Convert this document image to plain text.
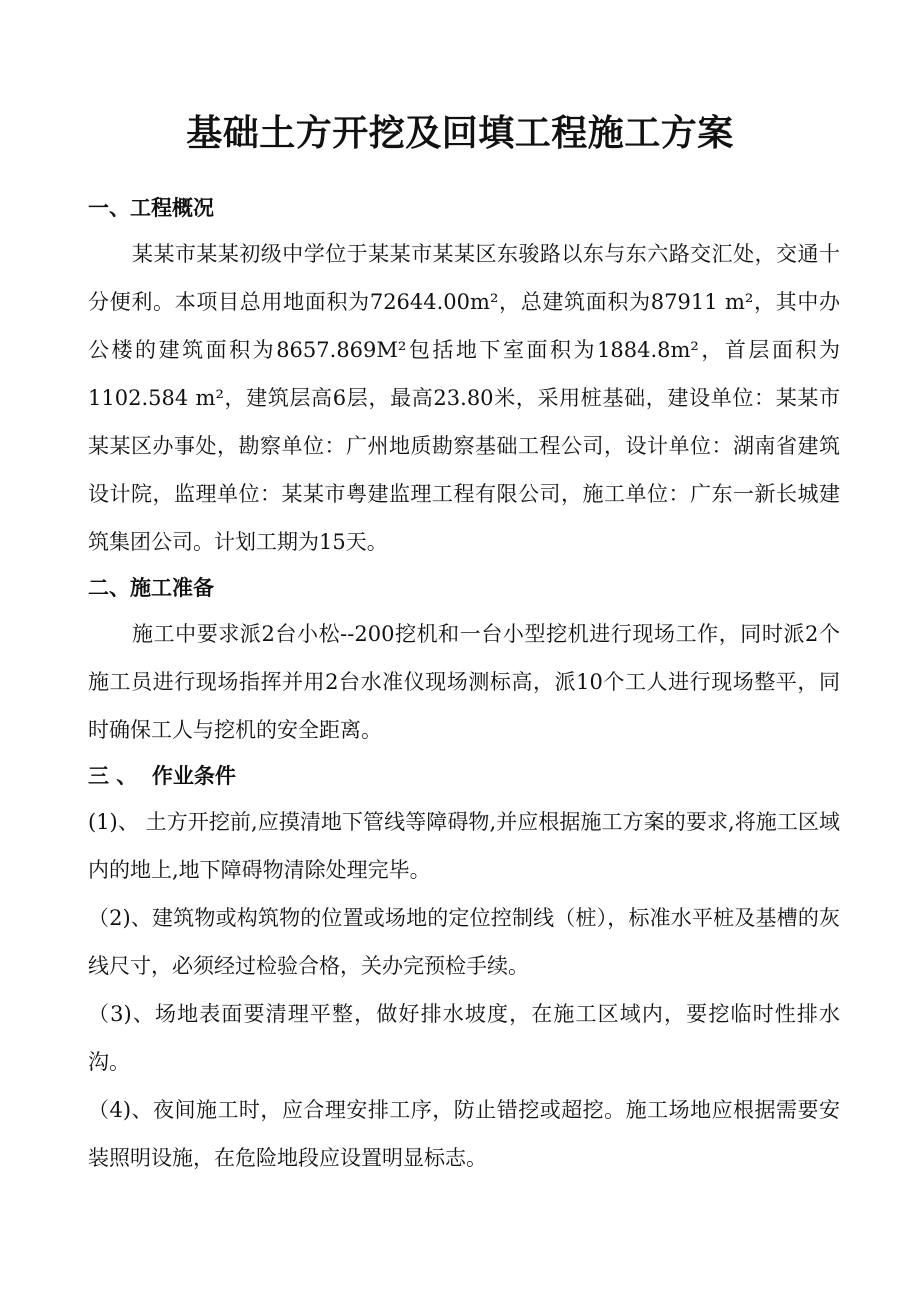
基础土方开挖及回填工程施工方案

一、工程概况

某某市某某初级中学位于某某市某某区东骏路以东与东六路交汇处，交通十分便利。本项目总用地面积为72644.00m²，总建筑面积为87911 m²，其中办公楼的建筑面积为8657.869M²包括地下室面积为1884.8m²，首层面积为 1102.584 m²，建筑层高6层，最高23.80米，采用桩基础，建设单位：某某市某某区办事处，勘察单位：广州地质勘察基础工程公司，设计单位：湖南省建筑设计院，监理单位：某某市粤建监理工程有限公司，施工单位：广东一新长城建筑集团公司。计划工期为15天。

二、施工准备

施工中要求派2台小松--200挖机和一台小型挖机进行现场工作，同时派2个施工员进行现场指挥并用2台水准仪现场测标高，派10个工人进行现场整平，同时确保工人与挖机的安全距离。

三 、  作业条件

(1)、 土方开挖前,应摸清地下管线等障碍物,并应根据施工方案的要求,将施工区域内的地上,地下障碍物清除处理完毕。

（2)、建筑物或构筑物的位置或场地的定位控制线（桩），标准水平桩及基槽的灰线尺寸，必须经过检验合格，关办完预检手续。

（3)、场地表面要清理平整，做好排水坡度，在施工区域内，要挖临时性排水沟。

（4)、夜间施工时，应合理安排工序，防止错挖或超挖。施工场地应根据需要安装照明设施，在危险地段应设置明显标志。
